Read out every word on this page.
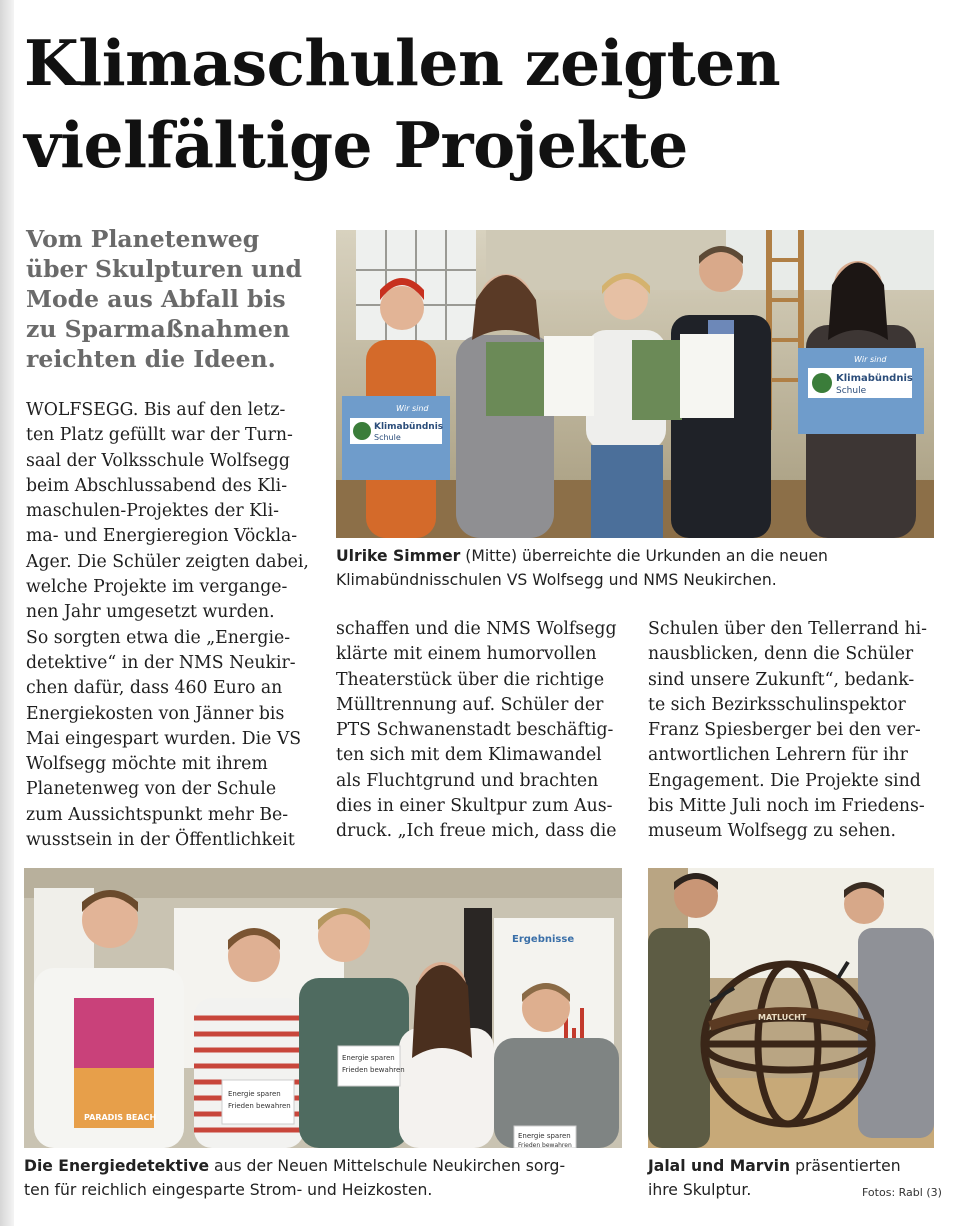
Klimaschulen zeigten
vielfältige Projekte
Vom Planetenweg
über Skulpturen und
Mode aus Abfall bis
zu Sparmaßnahmen
reichten die Ideen.
WOLFSEGG. Bis auf den letz-
ten Platz gefüllt war der Turn-
saal der Volksschule Wolfsegg
beim Abschlussabend des Kli-
maschulen-Projektes der Kli-
ma- und Energieregion Vöckla-
Ager. Die Schüler zeigten dabei,
welche Projekte im vergange-
nen Jahr umgesetzt wurden.
So sorgten etwa die „Energie-
detektive“ in der NMS Neukir-
chen dafür, dass 460 Euro an
Energiekosten von Jänner bis
Mai eingespart wurden. Die VS
Wolfsegg möchte mit ihrem
Planetenweg von der Schule
zum Aussichtspunkt mehr Be-
wusstsein in der Öffentlichkeit
schaffen und die NMS Wolfsegg
klärte mit einem humorvollen
Theaterstück über die richtige
Mülltrennung auf. Schüler der
PTS Schwanenstadt beschäftig-
ten sich mit dem Klimawandel
als Fluchtgrund und brachten
dies in einer Skultpur zum Aus-
druck. „Ich freue mich, dass die
Schulen über den Tellerrand hi-
nausblicken, denn die Schüler
sind unsere Zukunft“, bedank-
te sich Bezirksschulinspektor
Franz Spiesberger bei den ver-
antwortlichen Lehrern für ihr
Engagement. Die Projekte sind
bis Mitte Juli noch im Friedens-
museum Wolfsegg zu sehen.
Wir sind
Klimabündnis
Schule
Wir sind
Klimabündnis
Schule
Ulrike Simmer (Mitte) überreichte die Urkunden an die neuen
Klimabündnisschulen VS Wolfsegg und NMS Neukirchen.
Ergebnisse
PARADIS BEACH
Energie sparen
Frieden bewahren
Energie sparen
Frieden bewahren
Energie sparen
Frieden bewahren
Die Energiedetektive aus der Neuen Mittelschule Neukirchen sorg-
ten für reichlich eingesparte Strom- und Heizkosten.
MATLUCHT
Jalal und Marvin präsentierten
ihre Skulptur.	Fotos: Rabl (3)
